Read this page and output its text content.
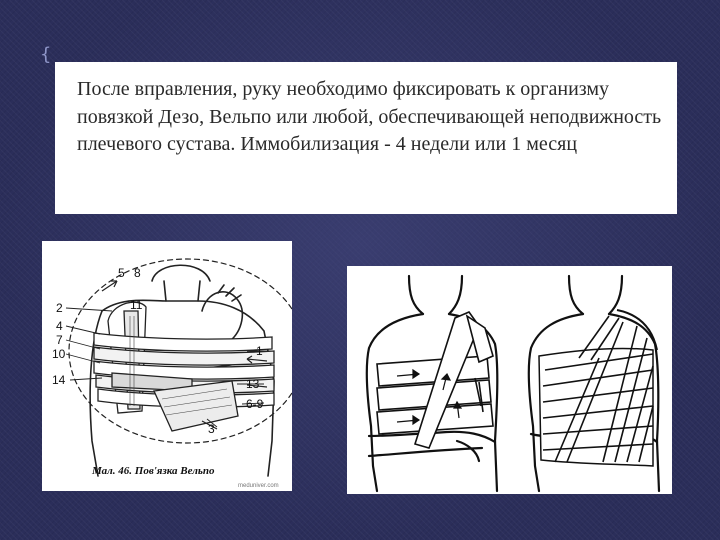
{

После вправления, руку необходимо фиксировать к организму повязкой Дезо, Вельпо или любой, обеспечивающей неподвижность плечевого сустава. Иммобилизация - 4 недели или 1 месяц

5 8
2	11
4
7
10
14
1
13
6-9
3
Мал. 46. Пов'язка Вельпо
meduniver.com
